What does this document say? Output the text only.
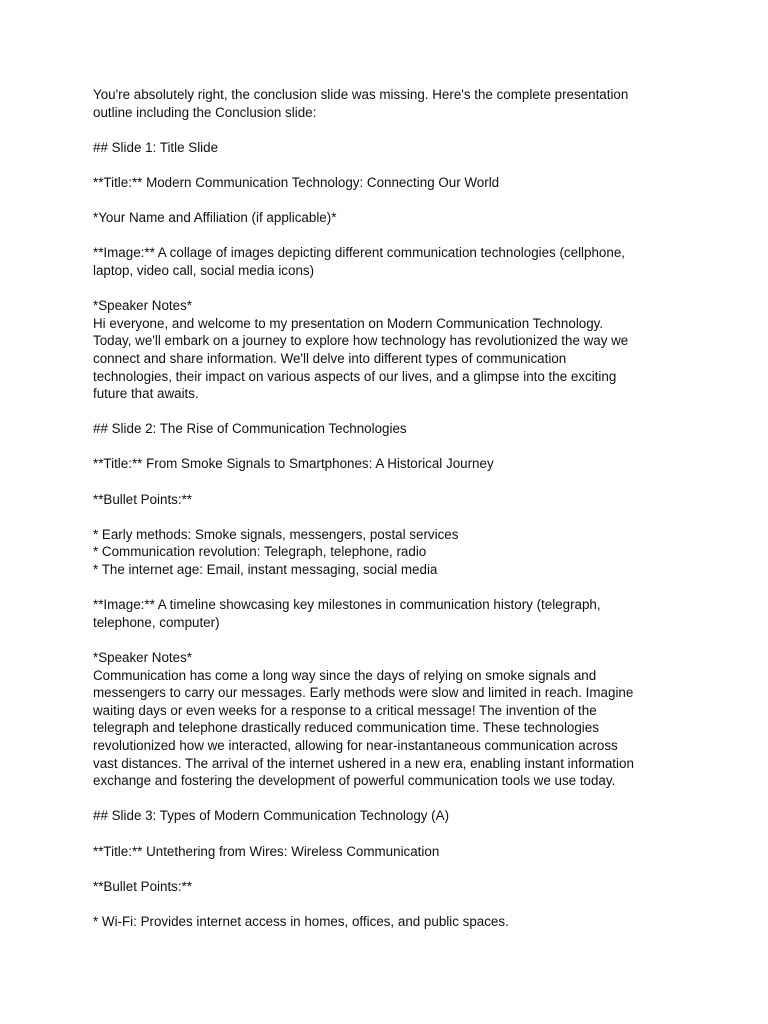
You're absolutely right, the conclusion slide was missing. Here's the complete presentation
outline including the Conclusion slide:
## Slide 1: Title Slide
**Title:** Modern Communication Technology: Connecting Our World
*Your Name and Affiliation (if applicable)*
**Image:** A collage of images depicting different communication technologies (cellphone,
laptop, video call, social media icons)
*Speaker Notes*
Hi everyone, and welcome to my presentation on Modern Communication Technology.
Today, we'll embark on a journey to explore how technology has revolutionized the way we
connect and share information. We'll delve into different types of communication
technologies, their impact on various aspects of our lives, and a glimpse into the exciting
future that awaits.
## Slide 2: The Rise of Communication Technologies
**Title:** From Smoke Signals to Smartphones: A Historical Journey
**Bullet Points:**
* Early methods: Smoke signals, messengers, postal services
* Communication revolution: Telegraph, telephone, radio
* The internet age: Email, instant messaging, social media
**Image:** A timeline showcasing key milestones in communication history (telegraph,
telephone, computer)
*Speaker Notes*
Communication has come a long way since the days of relying on smoke signals and
messengers to carry our messages. Early methods were slow and limited in reach. Imagine
waiting days or even weeks for a response to a critical message! The invention of the
telegraph and telephone drastically reduced communication time. These technologies
revolutionized how we interacted, allowing for near-instantaneous communication across
vast distances. The arrival of the internet ushered in a new era, enabling instant information
exchange and fostering the development of powerful communication tools we use today.
## Slide 3: Types of Modern Communication Technology (A)
**Title:** Untethering from Wires: Wireless Communication
**Bullet Points:**
* Wi-Fi: Provides internet access in homes, offices, and public spaces.
